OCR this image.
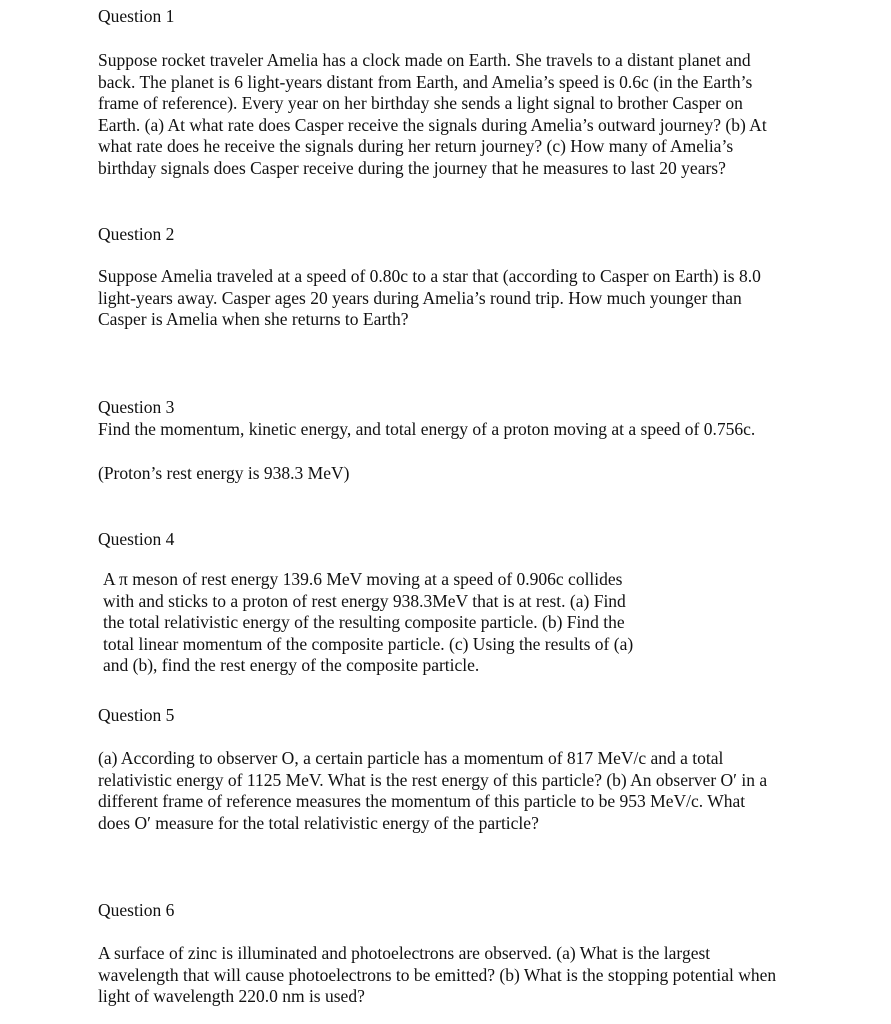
Question 1
Suppose rocket traveler Amelia has a clock made on Earth. She travels to a distant planet and
back. The planet is 6 light-years distant from Earth, and Amelia’s speed is 0.6c (in the Earth’s
frame of reference). Every year on her birthday she sends a light signal to brother Casper on
Earth. (a) At what rate does Casper receive the signals during Amelia’s outward journey? (b) At
what rate does he receive the signals during her return journey? (c) How many of Amelia’s
birthday signals does Casper receive during the journey that he measures to last 20 years?
Question 2
Suppose Amelia traveled at a speed of 0.80c to a star that (according to Casper on Earth) is 8.0
light-years away. Casper ages 20 years during Amelia’s round trip. How much younger than
Casper is Amelia when she returns to Earth?
Question 3
Find the momentum, kinetic energy, and total energy of a proton moving at a speed of 0.756c.
(Proton’s rest energy is 938.3 MeV)
Question 4
A π meson of rest energy 139.6 MeV moving at a speed of 0.906c collides
with and sticks to a proton of rest energy 938.3MeV that is at rest. (a) Find
the total relativistic energy of the resulting composite particle. (b) Find the
total linear momentum of the composite particle. (c) Using the results of (a)
and (b), find the rest energy of the composite particle.
Question 5
(a) According to observer O, a certain particle has a momentum of 817 MeV/c and a total
relativistic energy of 1125 MeV. What is the rest energy of this particle? (b) An observer O′ in a
different frame of reference measures the momentum of this particle to be 953 MeV/c. What
does O′ measure for the total relativistic energy of the particle?
Question 6
A surface of zinc is illuminated and photoelectrons are observed. (a) What is the largest
wavelength that will cause photoelectrons to be emitted? (b) What is the stopping potential when
light of wavelength 220.0 nm is used?
